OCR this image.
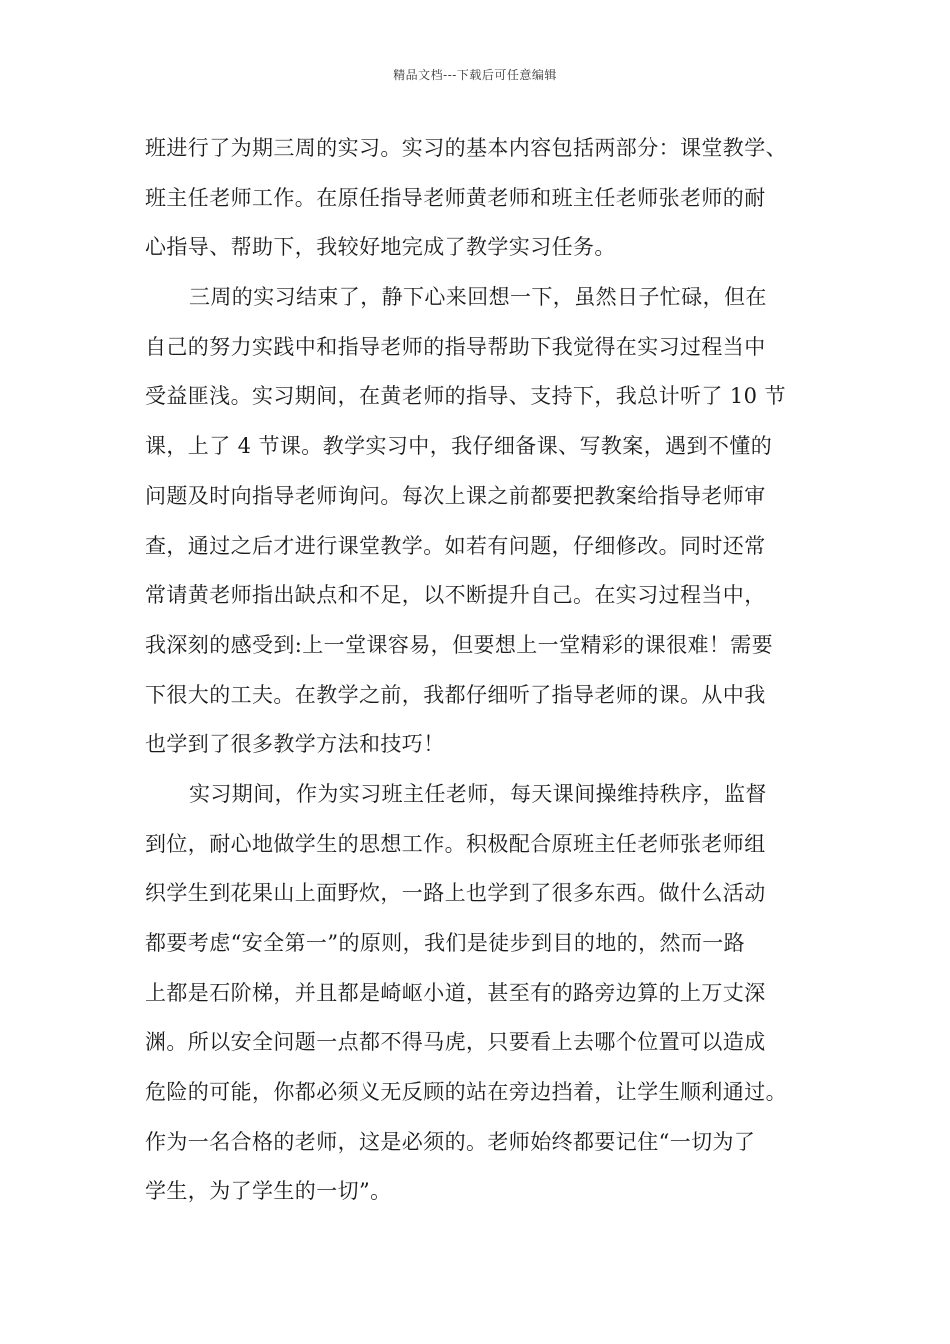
精品文档---下载后可任意编辑
班进行了为期三周的实习。实习的基本内容包括两部分：课堂教学、
班主任老师工作。在原任指导老师黄老师和班主任老师张老师的耐
心指导、帮助下，我较好地完成了教学实习任务。
三周的实习结束了，静下心来回想一下，虽然日子忙碌，但在
自己的努力实践中和指导老师的指导帮助下我觉得在实习过程当中
受益匪浅。实习期间，在黄老师的指导、支持下，我总计听了 10 节
课，上了 4 节课。教学实习中，我仔细备课、写教案，遇到不懂的
问题及时向指导老师询问。每次上课之前都要把教案给指导老师审
查，通过之后才进行课堂教学。如若有问题，仔细修改。同时还常
常请黄老师指出缺点和不足，以不断提升自己。在实习过程当中，
我深刻的感受到:上一堂课容易，但要想上一堂精彩的课很难！需要
下很大的工夫。在教学之前，我都仔细听了指导老师的课。从中我
也学到了很多教学方法和技巧！
实习期间，作为实习班主任老师，每天课间操维持秩序，监督
到位，耐心地做学生的思想工作。积极配合原班主任老师张老师组
织学生到花果山上面野炊，一路上也学到了很多东西。做什么活动
都要考虑“安全第一”的原则，我们是徒步到目的地的，然而一路
上都是石阶梯，并且都是崎岖小道，甚至有的路旁边算的上万丈深
渊。所以安全问题一点都不得马虎，只要看上去哪个位置可以造成
危险的可能，你都必须义无反顾的站在旁边挡着，让学生顺利通过。
作为一名合格的老师，这是必须的。老师始终都要记住“一切为了
学生，为了学生的一切”。
